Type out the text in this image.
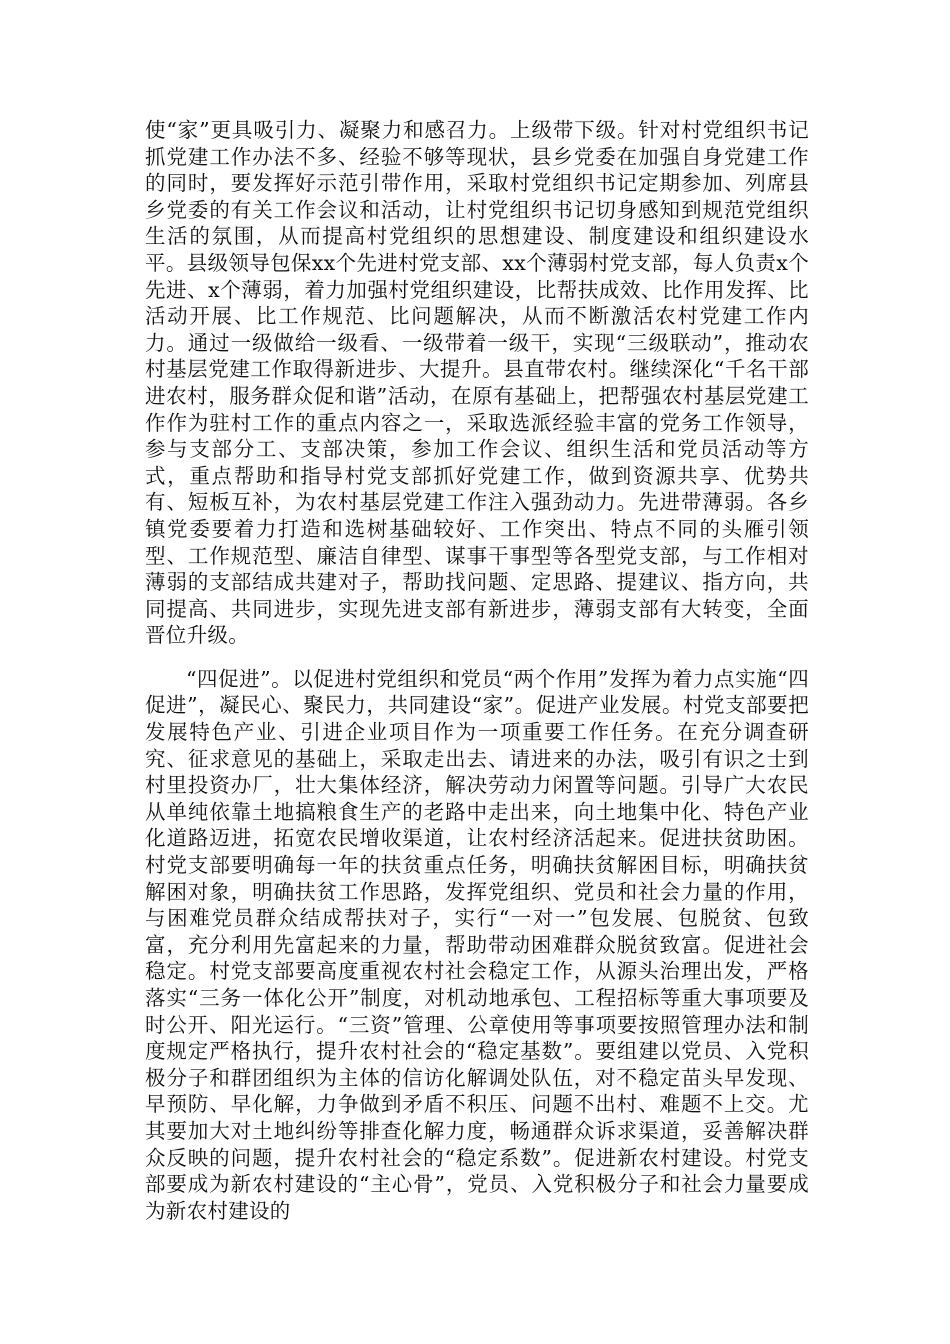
使“家”更具吸引力、凝聚力和感召力。上级带下级。针对村党组织书记抓党建工作办法不多、经验不够等现状，县乡党委在加强自身党建工作的同时，要发挥好示范引带作用，采取村党组织书记定期参加、列席县乡党委的有关工作会议和活动，让村党组织书记切身感知到规范党组织生活的氛围，从而提高村党组织的思想建设、制度建设和组织建设水平。县级领导包保xx个先进村党支部、xx个薄弱村党支部，每人负责x个先进、x个薄弱，着力加强村党组织建设，比帮扶成效、比作用发挥、比活动开展、比工作规范、比问题解决，从而不断激活农村党建工作内力。通过一级做给一级看、一级带着一级干，实现“三级联动”，推动农村基层党建工作取得新进步、大提升。县直带农村。继续深化“千名干部进农村，服务群众促和谐”活动，在原有基础上，把帮强农村基层党建工作作为驻村工作的重点内容之一，采取选派经验丰富的党务工作领导，参与支部分工、支部决策，参加工作会议、组织生活和党员活动等方式，重点帮助和指导村党支部抓好党建工作，做到资源共享、优势共有、短板互补，为农村基层党建工作注入强劲动力。先进带薄弱。各乡镇党委要着力打造和选树基础较好、工作突出、特点不同的头雁引领型、工作规范型、廉洁自律型、谋事干事型等各型党支部，与工作相对薄弱的支部结成共建对子，帮助找问题、定思路、提建议、指方向，共同提高、共同进步，实现先进支部有新进步，薄弱支部有大转变，全面晋位升级。

“四促进”。以促进村党组织和党员“两个作用”发挥为着力点实施“四促进”，凝民心、聚民力，共同建设“家”。促进产业发展。村党支部要把发展特色产业、引进企业项目作为一项重要工作任务。在充分调查研究、征求意见的基础上，采取走出去、请进来的办法，吸引有识之士到村里投资办厂，壮大集体经济，解决劳动力闲置等问题。引导广大农民从单纯依靠土地搞粮食生产的老路中走出来，向土地集中化、特色产业化道路迈进，拓宽农民增收渠道，让农村经济活起来。促进扶贫助困。村党支部要明确每一年的扶贫重点任务，明确扶贫解困目标，明确扶贫解困对象，明确扶贫工作思路，发挥党组织、党员和社会力量的作用，与困难党员群众结成帮扶对子，实行“一对一”包发展、包脱贫、包致富，充分利用先富起来的力量，帮助带动困难群众脱贫致富。促进社会稳定。村党支部要高度重视农村社会稳定工作，从源头治理出发，严格落实“三务一体化公开”制度，对机动地承包、工程招标等重大事项要及时公开、阳光运行。“三资”管理、公章使用等事项要按照管理办法和制度规定严格执行，提升农村社会的“稳定基数”。要组建以党员、入党积极分子和群团组织为主体的信访化解调处队伍，对不稳定苗头早发现、早预防、早化解，力争做到矛盾不积压、问题不出村、难题不上交。尤其要加大对土地纠纷等排查化解力度，畅通群众诉求渠道，妥善解决群众反映的问题，提升农村社会的“稳定系数”。促进新农村建设。村党支部要成为新农村建设的“主心骨”，党员、入党积极分子和社会力量要成为新农村建设的
